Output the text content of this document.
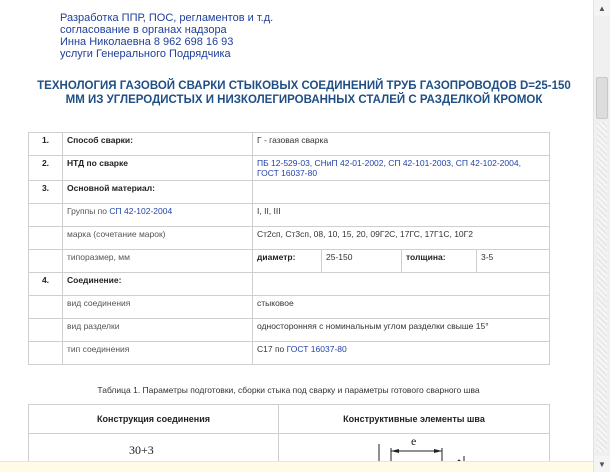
Разработка ППР, ПОС, регламентов и т.д.
согласование в органах надзора
Инна Николаевна 8 962 698 16 93
услуги Генерального Подрядчика
ТЕХНОЛОГИЯ ГАЗОВОЙ СВАРКИ СТЫКОВЫХ СОЕДИНЕНИЙ ТРУБ ГАЗОПРОВОДОВ D=25-150 ММ ИЗ УГЛЕРОДИСТЫХ И НИЗКОЛЕГИРОВАННЫХ СТАЛЕЙ С РАЗДЕЛКОЙ КРОМОК
1.	Способ сварки:	Г - газовая сварка			
2.	НТД по сварке	ПБ 12-529-03, СНиП 42-01-2002, СП 42-101-2003, СП 42-102-2004, ГОСТ 16037-80			
3.	Основной материал:				
	Группы по СП 42-102-2004	I, II, III			
	марка (сочетание марок)	Ст2сп, Ст3сп, 08, 10, 15, 20, 09Г2С, 17ГС, 17Г1С, 10Г2			
	типоразмер, мм	диаметр:	25-150	толщина:	3-5
4.	Соединение:				
	вид соединения	стыковое			
	вид разделки	односторонняя с номинальным углом разделки свыше 15°			
	тип соединения	С17 по ГОСТ 16037-80			
Таблица 1. Параметры подготовки, сборки стыка под сварку и параметры готового сварного шва
Конструкция соединения	Конструктивные элементы шва

30+3	e
▲
▼
